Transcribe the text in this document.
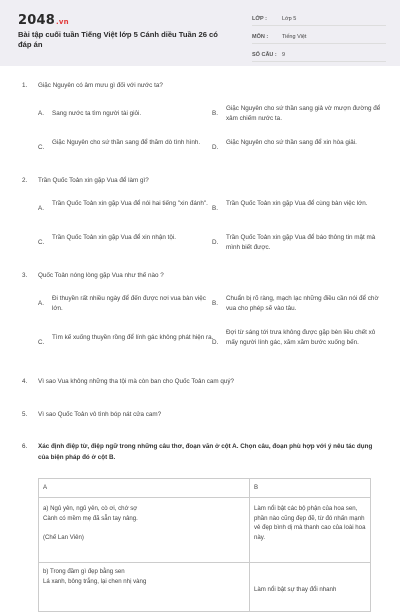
2048.vn
Bài tập cuối tuần Tiếng Việt lớp 5 Cánh diều Tuần 26 có đáp án
LỚP :	Lớp 5
MÔN :	Tiếng Việt
SỐ CÂU : 9
1. Giặc Nguyên có âm mưu gì đối với nước ta?
A. Sang nước ta tìm người tài giỏi.	B.
Giặc Nguyên cho sứ thần sang giả vờ mượn đường để xâm chiếm nước ta.
C.
Giặc Nguyên cho sứ thần sang để thăm dò tình hình.
D.
Giặc Nguyên cho sứ thần sang để xin hòa giải.
2. Trần Quốc Toản xin gặp Vua để làm gì?
A.
Trần Quốc Toản xin gặp Vua để nói hai tiếng "xin đánh".
B.
Trần Quốc Toản xin gặp Vua để cùng bàn việc lớn.
C.
Trần Quốc Toản xin gặp Vua để xin nhận tội.
D.
Trần Quốc Toản xin gặp Vua để báo thông tin mật mà mình biết được.
3. Quốc Toản nóng lòng gặp Vua như thế nào ?
A.
Đi thuyền rất nhiều ngày để đến được nơi vua bàn việc lớn.
B.
Chuẩn bị rõ ràng, mạch lạc những điều cần nói để chờ vua cho phép sẽ vào tâu.
C.
Tìm kế xuống thuyền rồng để lính gác không phát hiện ra.
D.
Đợi từ sáng tới trưa không được gặp bèn liều chết xô mấy người lính gác, xăm xăm bước xuống bến.
4. Vì sao Vua không những tha tội mà còn ban cho Quốc Toản cam quý?
5. Vì sao Quốc Toản vô tình bóp nát cửa cam?
6.	Xác định điệp từ, điệp ngữ trong những câu thơ, đoạn văn ở cột A. Chọn câu, đoạn phù hợp với ý nêu tác dụng của biện pháp đó ở cột B.
A	B

a) Ngủ yên, ngủ yên, cò ơi, chớ sợ
Cành có mềm mẹ đã sẵn tay nâng.
(Chế Lan Viên)	Làm nổi bật các bộ phận của hoa sen, phần nào cũng đẹp đẽ, từ đó nhấn mạnh vẻ đẹp bình dị mà thanh cao của loài hoa này.

b) Trong đầm gì đẹp bằng sen
Lá xanh, bông trắng, lại chen nhị vàng	Làm nổi bật sự thay đổi nhanh
